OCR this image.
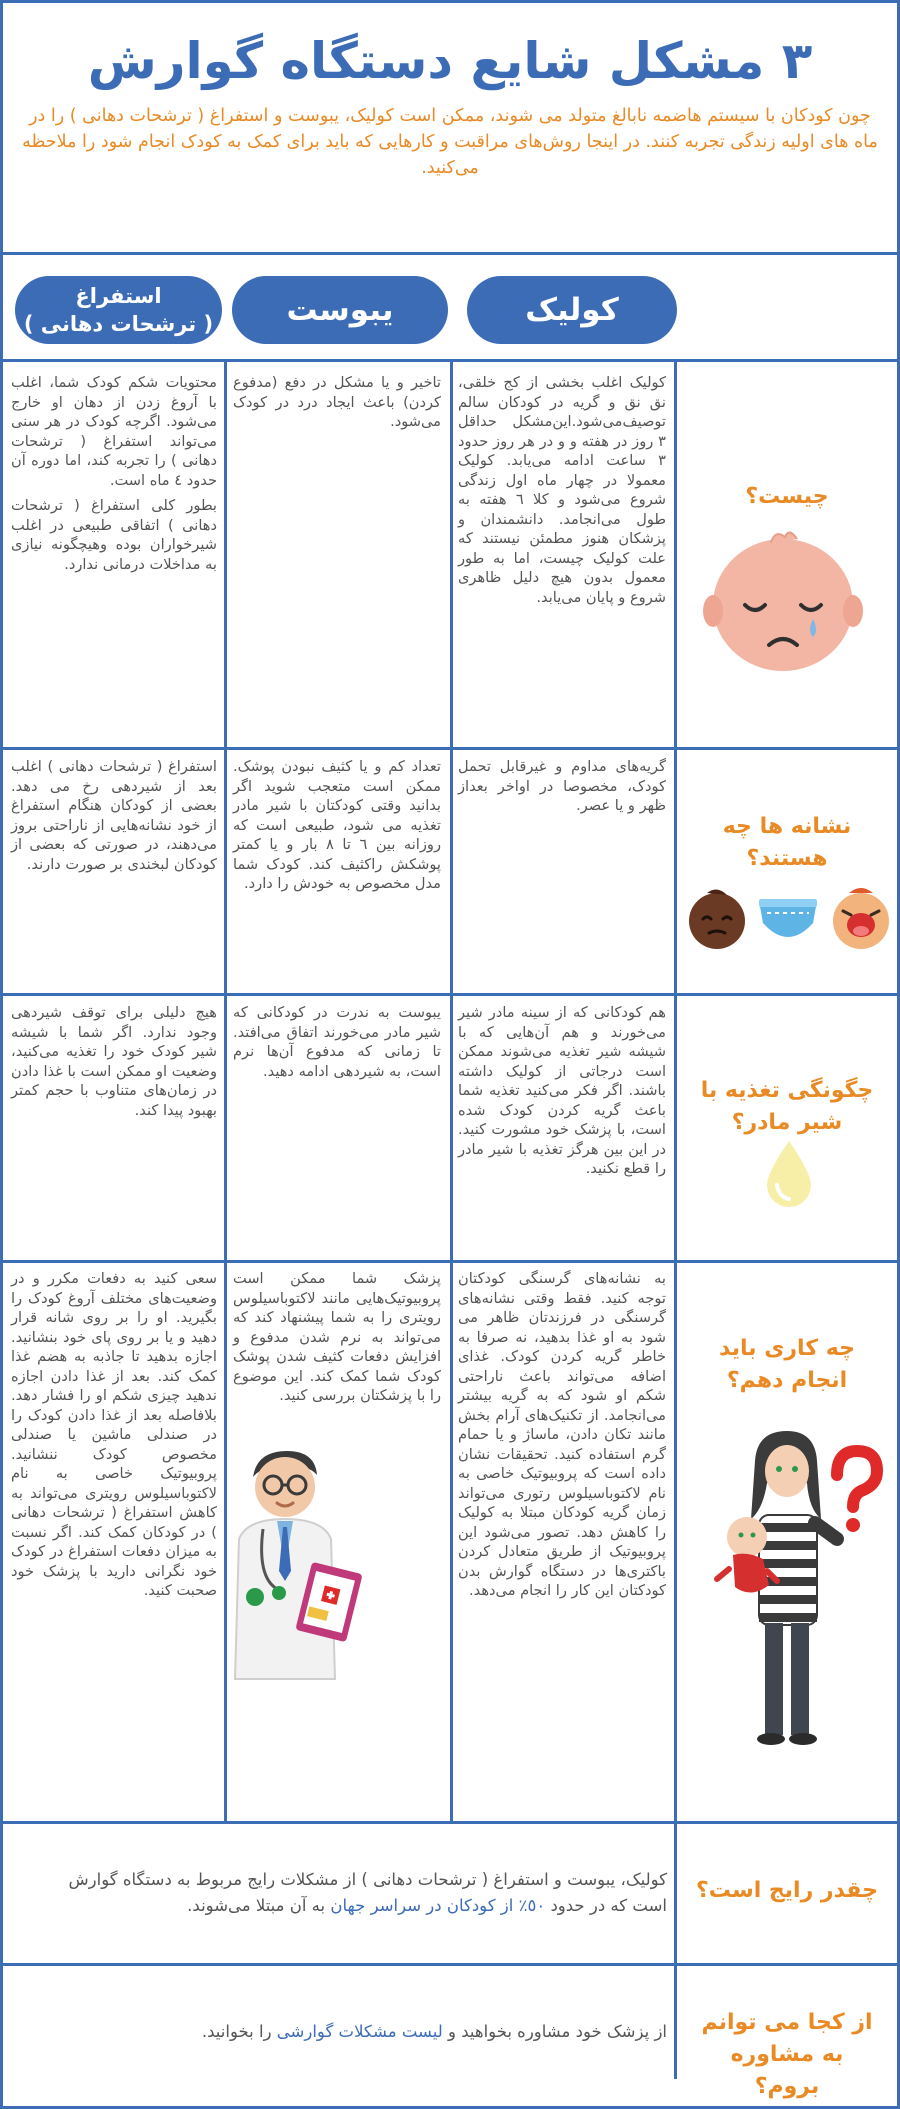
۳ مشکل شایع دستگاه گوارش
چون کودکان با سیستم هاضمه نابالغ متولد می شوند، ممکن است کولیک، یبوست و استفراغ ( ترشحات دهانی ) را در ماه های اولیه زندگی تجربه کنند. در اینجا روش‌های مراقبت و کارهایی که باید برای کمک به کودک انجام شود را ملاحظه می‌کنید.
کولیک
یبوست
استفراغ
( ترشحات دهانی )
چیست؟
کولیک اغلب بخشی از کج خلقی، نق نق و گریه در کودکان سالم توصیف‌می‌شود.این‌مشکل حداقل ۳ روز در هفته و و در هر روز حدود ۳ ساعت ادامه می‌یابد. کولیک معمولا در چهار ماه اول زندگی شروع می‌شود و کلا ٦ هفته به طول می‌انجامد. دانشمندان و پزشکان هنوز مطمئن نیستند که علت کولیک چیست، اما به طور معمول بدون هیچ دلیل ظاهری شروع و پایان می‌یابد.
تاخیر و یا مشکل در دفع (مدفوع کردن) باعث ایجاد درد در کودک می‌شود.

محتویات شکم کودک شما، اغلب با آروغ زدن از دهان او خارج می‌شود. اگرچه کودک در هر سنی می‌تواند استفراغ ( ترشحات دهانی ) را تجربه کند، اما دوره آن حدود ٤ ماه است.

بطور کلی استفراغ ( ترشحات دهانی ) اتفاقی طبیعی در اغلب شیرخواران بوده وهیچگونه نیازی به مداخلات درمانی ندارد.

نشانه ها چه هستند؟
گریه‌های مداوم و غیرقابل تحمل کودک، مخصوصا در اواخر بعداز ظهر و یا عصر.
تعداد کم و یا کثیف نبودن پوشک. ممکن است متعجب شوید اگر بدانید وقتی کودکتان با شیر مادر تغذیه می شود، طبیعی است که روزانه بین ٦ تا ٨ بار و یا کمتر پوشکش راکثیف کند. کودک شما مدل مخصوص به خودش را دارد.
استفراغ ( ترشحات دهانی ) اغلب بعد از شیردهی رخ می دهد. بعضی از کودکان هنگام استفراغ از خود نشانه‌هایی از ناراحتی بروز می‌دهند، در صورتی که بعضی از کودکان لبخندی بر صورت دارند.
چگونگی تغذیه با شیر مادر؟
هم کودکانی که از سینه مادر شیر می‌خورند و هم آن‌هایی که با شیشه شیر تغذیه می‌شوند ممکن است درجاتی از کولیک داشته باشند. اگر فکر می‌کنید تغذیه شما باعث گریه کردن کودک شده است، با پزشک خود مشورت کنید. در این بین هرگز تغذیه با شیر مادر را قطع نکنید.
یبوست به ندرت در کودکانی که شیر مادر می‌خورند اتفاق می‌افتد. تا زمانی که مدفوع آن‌ها نرم است، به شیردهی ادامه دهید.
هیچ دلیلی برای توقف شیردهی وجود ندارد. اگر شما با شیشه شیر کودک خود را تغذیه می‌کنید، وضعیت او ممکن است با غذا دادن در زمان‌های متناوب با حجم کمتر بهبود پیدا کند.
چه کاری باید انجام دهم؟
به نشانه‌های گرسنگی کودکتان توجه کنید. فقط وقتی نشانه‌های گرسنگی در فرزندتان ظاهر می شود به او غذا بدهید، نه صرفا به خاطر گریه کردن کودک. غذای اضافه می‌تواند باعث ناراحتی شکم او شود که به گریه بیشتر می‌انجامد. از تکنیک‌های آرام بخش مانند تکان دادن، ماساژ و یا حمام گرم استفاده کنید. تحقیقات نشان داده است که پروبیوتیک خاصی به نام لاکتوباسیلوس رتوری می‌تواند زمان گریه کودکان مبتلا به کولیک را کاهش دهد. تصور می‌شود این پروبیوتیک از طریق متعادل کردن باکتری‌ها در دستگاه گوارش بدن کودکتان این کار را انجام می‌دهد.
پزشک شما ممکن است پروبیوتیک‌هایی مانند لاکتوباسیلوس رویتری را به شما پیشنهاد کند که می‌تواند به نرم شدن مدفوع و افزایش دفعات کثیف شدن پوشک کودک شما کمک کند. این موضوع را با پزشکتان بررسی کنید.
سعی کنید به دفعات مکرر و در وضعیت‌های مختلف آروغ کودک را بگیرید. او را بر روی شانه قرار دهید و یا بر روی پای خود بنشانید. اجازه بدهید تا جاذبه به هضم غذا کمک کند. بعد از غذا دادن اجازه ندهید چیزی شکم او را فشار دهد. بلافاصله بعد از غذا دادن کودک را در صندلی ماشین یا صندلی مخصوص کودک ننشانید. پروبیوتیک خاصی به نام لاکتوباسیلوس رویتری می‌تواند به کاهش استفراغ ( ترشحات دهانی ) در کودکان کمک کند. اگر نسبت به میزان دفعات استفراغ در کودک خود نگرانی دارید با پزشک خود صحبت کنید.
چقدر رایج است؟
کولیک، یبوست و استفراغ ( ترشحات دهانی ) از مشکلات رایج مربوط به دستگاه گوارش است که در حدود ٥٠٪ از کودکان در سراسر جهان به آن مبتلا می‌شوند.
از کجا می توانم به مشاوره بروم؟
از پزشک خود مشاوره بخواهید و لیست مشکلات گوارشی را بخوانید.
